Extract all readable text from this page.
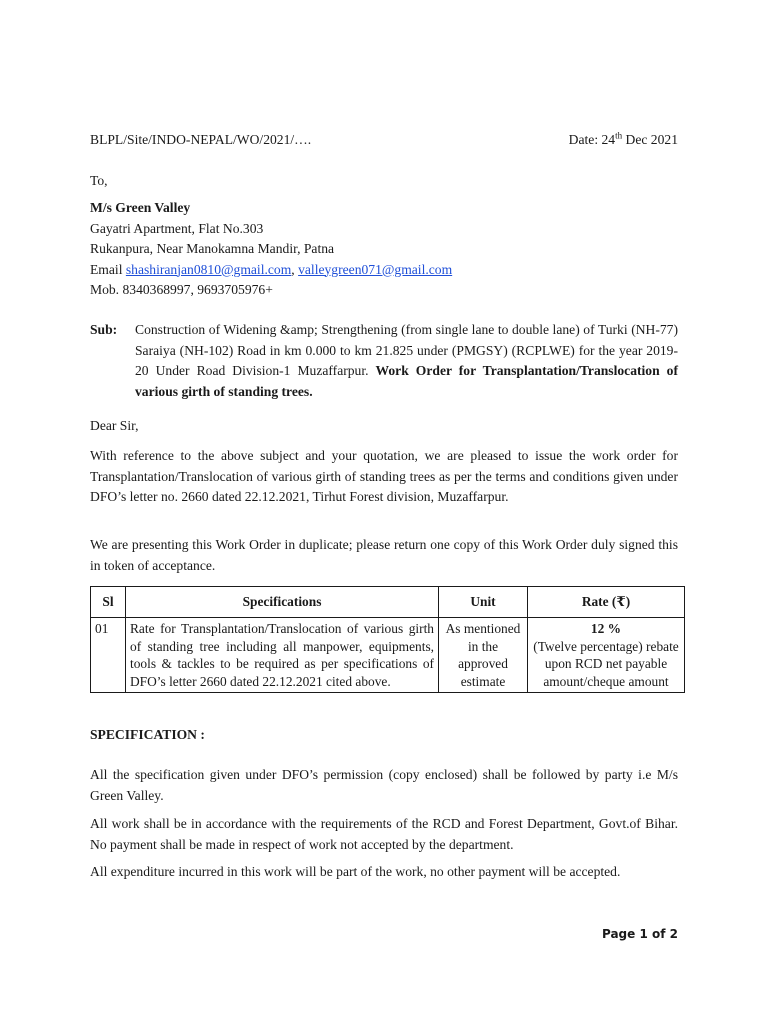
BLPL/Site/INDO-NEPAL/WO/2021/….	Date: 24th Dec 2021
To,
M/s Green Valley
Gayatri Apartment, Flat No.303
Rukanpura, Near Manokamna Mandir, Patna
Email shashiranjan0810@gmail.com, valleygreen071@gmail.com
Mob. 8340368997, 9693705976+
Sub: Construction of Widening &amp; Strengthening (from single lane to double lane) of Turki (NH-77) Saraiya (NH-102) Road in km 0.000 to km 21.825 under (PMGSY) (RCPLWE) for the year 2019-20 Under Road Division-1 Muzaffarpur. Work Order for Transplantation/Translocation of various girth of standing trees.
Dear Sir,
With reference to the above subject and your quotation, we are pleased to issue the work order for Transplantation/Translocation of various girth of standing trees as per the terms and conditions given under DFO’s letter no. 2660 dated 22.12.2021, Tirhut Forest division, Muzaffarpur.
We are presenting this Work Order in duplicate; please return one copy of this Work Order duly signed this in token of acceptance.
Sl	Specifications	Unit	Rate (₹)
01	Rate for Transplantation/Translocation of various girth of standing tree including all manpower, equipments, tools & tackles to be required as per specifications of DFO’s letter 2660 dated 22.12.2021 cited above.	As mentioned in the approved estimate	12 %
(Twelve percentage) rebate upon RCD net payable amount/cheque amount
SPECIFICATION :
All the specification given under DFO’s permission (copy enclosed) shall be followed by party i.e M/s Green Valley.
All work shall be in accordance with the requirements of the RCD and Forest Department, Govt.of Bihar. No payment shall be made in respect of work not accepted by the department.
All expenditure incurred in this work will be part of the work, no other payment will be accepted.
Page 1 of 2
